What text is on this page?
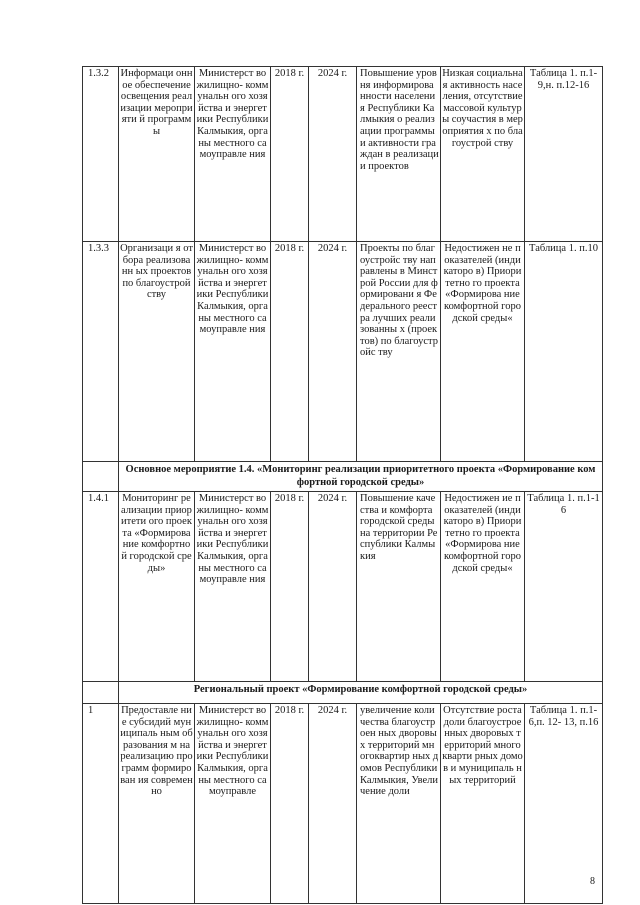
1.3.2	Информаци онное обеспечение освещения реализации мероприяти й программы	Министерст во жилищно- коммунальн ого хозяйства и энергетики Республики Калмыкия, органы местного самоуправле ния	2018 г.	2024 г.	Повышение уровня информирова нности населения Республики Калмыкия о реализации программы и активности граждан в реализации проектов	Низкая социальная активность населения, отсутствие массовой культуры соучастия в мероприятия х по благоустрой ству	Таблица 1. п.1-9,н. п.12-16

1.3.3	Организаци я отбора реализованн ых проектов по благоустрой ству	Министерст во жилищно- коммунальн ого хозяйства и энергетики Республики Калмыкия, органы местного самоуправле ния	2018 г.	2024 г.	Проекты по благоустройс тву направлены в Минстрой России для формировани я Федерального реестра лучших реализованны х (проектов) по благоустройс тву	Недостижен не показателей (индикаторо в) Приоритетно го проекта «Формирова ние комфортной городской среды«	Таблица 1. п.10

	Основное мероприятие 1.4. «Мониторинг реализации приоритетного проекта «Формирование комфортной городской среды»						

1.4.1	Мониторинг реализации приоритети ого проекта «Формирова ние комфортной городской среды»	Министерст во жилищно- коммунальн ого хозяйства и энергетики Республики Калмыкия, органы местного самоуправле ния	2018 г.	2024 г.	Повышение качества и комфорта городской среды на территории Республики Калмыкия	Недостижен ие показателей (индикаторо в) Приоритетно го проекта «Формирова ние комфортной городской среды«	Таблица 1. п.1-16

	Региональный проект «Формирование комфортной городской среды»						

1	Предоставле ние субсидий муниципаль ным образования м на реализацию программ формирован ия современно	Министерст во жилищно- коммунальн ого хозяйства и энергетики Республики Калмыкия, органы местного самоуправле	2018 г.	2024 г.	увеличение количества благоустроен ных дворовых территорий многоквартир ных домов Республики Калмыкия, Увеличение доли	Отсутствие роста доли благоустрое нных дворовых территорий многокварти рных домов и муниципаль ных территорий	Таблица 1. п.1-6,п. 12- 13, п.16
8
